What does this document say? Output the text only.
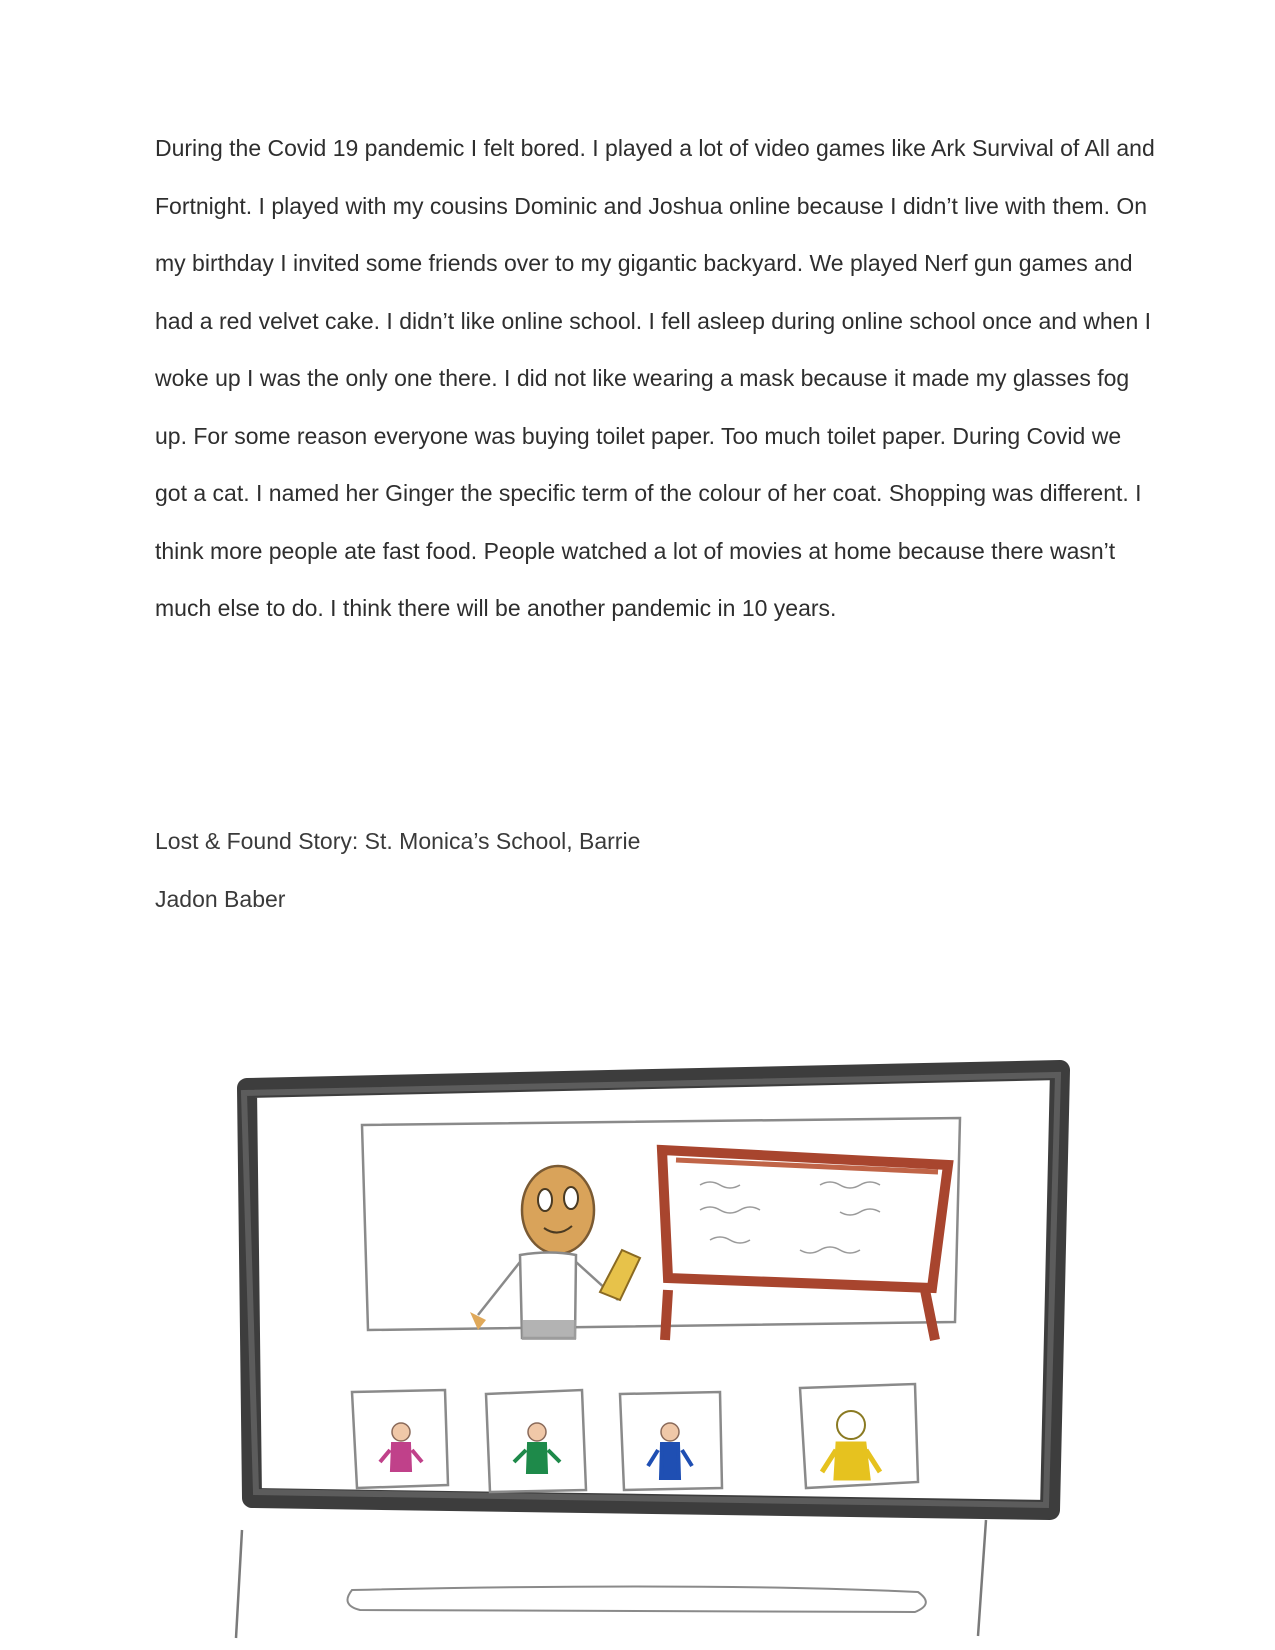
During the Covid 19 pandemic I felt bored. I played a lot of video games like Ark Survival of All and Fortnight. I played with my cousins Dominic and Joshua online because I didn’t live with them. On my birthday I invited some friends over to my gigantic backyard. We played Nerf gun games and had a red velvet cake. I didn’t like online school. I fell asleep during online school once and when I woke up I was the only one there. I did not like wearing a mask because it made my glasses fog up. For some reason everyone was buying toilet paper. Too much toilet paper. During Covid we got a cat. I named her Ginger the specific term of the colour of her coat. Shopping was different. I think more people ate fast food. People watched a lot of movies at home because there wasn’t much else to do. I think there will be another pandemic in 10 years.

Lost & Found Story: St. Monica’s School, Barrie
Jadon Baber
